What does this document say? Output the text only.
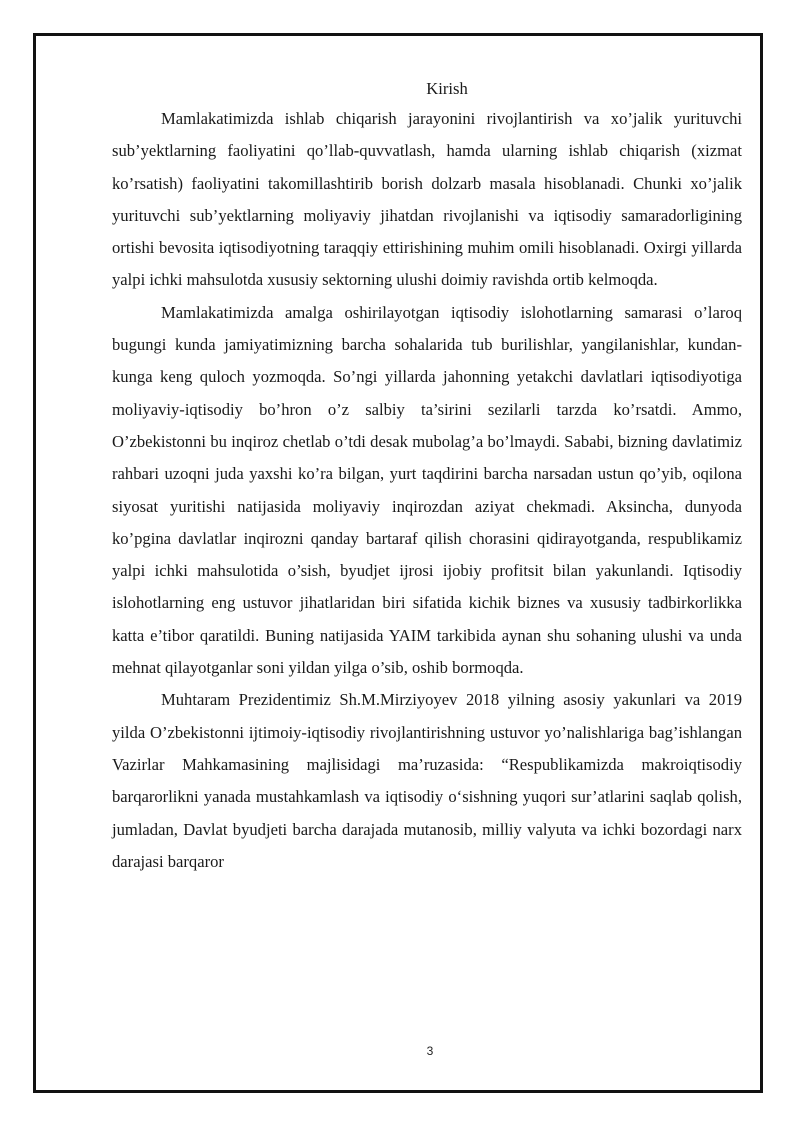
Kirish

Mamlakatimizda ishlab chiqarish jarayonini rivojlantirish va xo’jalik yurituvchi sub’yektlarning faoliyatini qo’llab-quvvatlash, hamda ularning ishlab chiqarish (xizmat ko’rsatish) faoliyatini takomillashtirib borish dolzarb masala hisoblanadi. Chunki xo’jalik yurituvchi sub’yektlarning moliyaviy jihatdan rivojlanishi va iqtisodiy samaradorligining ortishi bevosita iqtisodiyotning taraqqiy ettirishining muhim omili hisoblanadi. Oxirgi yillarda yalpi ichki mahsulotda xususiy sektorning ulushi doimiy ravishda ortib kelmoqda.

Mamlakatimizda amalga oshirilayotgan iqtisodiy islohotlarning samarasi o’laroq bugungi kunda jamiyatimizning barcha sohalarida tub burilishlar, yangilanishlar, kundan-kunga keng quloch yozmoqda. So’ngi yillarda jahonning yetakchi davlatlari iqtisodiyotiga moliyaviy-iqtisodiy bo’hron o’z salbiy ta’sirini sezilarli tarzda ko’rsatdi. Ammo, O’zbekistonni bu inqiroz chetlab o’tdi desak mubolag’a bo’lmaydi. Sababi, bizning davlatimiz rahbari uzoqni juda yaxshi ko’ra bilgan, yurt taqdirini barcha narsadan ustun qo’yib, oqilona siyosat yuritishi natijasida moliyaviy inqirozdan aziyat chekmadi. Aksincha, dunyoda ko’pgina davlatlar inqirozni qanday bartaraf qilish chorasini qidirayotganda, respublikamiz yalpi ichki mahsulotida o’sish, byudjet ijrosi ijobiy profitsit bilan yakunlandi. Iqtisodiy islohotlarning eng ustuvor jihatlaridan biri sifatida kichik biznes va xususiy tadbirkorlikka katta e’tibor qaratildi. Buning natijasida YAIM tarkibida aynan shu sohaning ulushi va unda mehnat qilayotganlar soni yildan yilga o’sib, oshib bormoqda.

Muhtaram Prezidentimiz Sh.M.Mirziyoyev 2018 yilning asosiy yakunlari va 2019 yilda O’zbekistonni ijtimoiy-iqtisodiy rivojlantirishning ustuvor yo’nalishlariga bag’ishlangan Vazirlar Mahkamasining majlisidagi ma’ruzasida: “Respublikamizda makroiqtisodiy barqarorlikni yanada mustahkamlash va iqtisodiy o‘sishning yuqori sur’atlarini saqlab qolish, jumladan, Davlat byudjeti barcha darajada mutanosib, milliy valyuta va ichki bozordagi narx darajasi barqaror

3
